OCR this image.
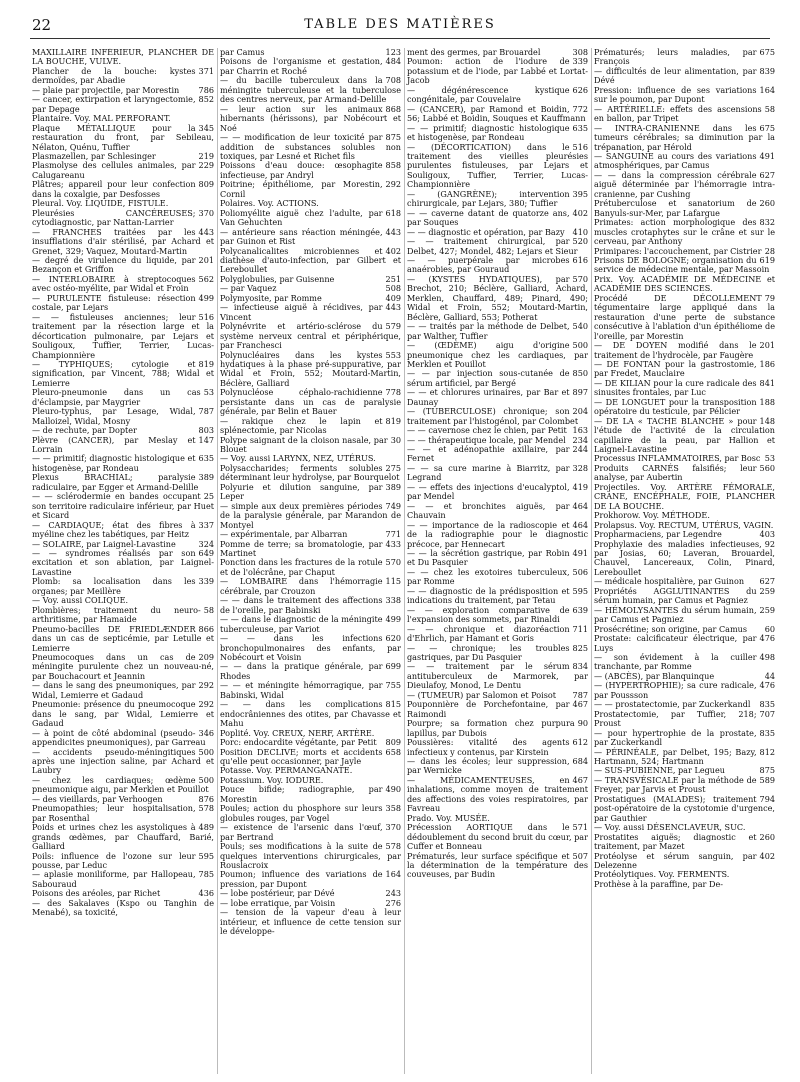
22	TABLE DES MATIÈRES

MAXILLAIRE INFÉRIEUR, PLANCHER DE LA BOUCHE, VULVE.

371
Plancher de la bouche: kystes dermoïdes, par Abadie

786
— plaie par projectile, par Morestin

852
— cancer, extirpation et laryngectomie, par Depage

Plantaire. Voy. MAL PERFORANT.

345
Plaque MÉTALLIQUE pour la restauration du front, par Sebileau, Nélaton, Quénu, Tuffier

219
Plasmazellen, par Schlesinger

229
Plasmolyse des cellules animales, par Calugareanu

809
Plâtres; appareil pour leur confection dans la coxalgie, par Desfosses

Pleural. Voy. LIQUIDE, FISTULE.

370
Pleurésies CANCÉREUSES; cytodiagnostic, par Nattan-Larrier

443
— FRANCHES traitées par les insufflations d'air stérilisé, par Achard et Grenet, 329; Vaquez, Moutard-Martin

201
— degré de virulence du liquide, par Bezançon et Griffon

562
— INTERLOBAIRE à streptocoques avec ostéo-myélite, par Widal et Froin

499
— PURULENTE fistuleuse: résection costale, par Lejars

516
— — fistuleuses anciennes; leur traitement par la résection large et la décortication pulmonaire, par Lejars et Souligoux, Tuffier, Terrier, Lucas-Championnière

819
— TYPHIQUES; cytologie et signification, par Vincent, 788; Widal et Lemierre

53
Pleuro-pneumonie dans un cas d'éclampsie, par Maygrier

787
Pleuro-typhus, par Lesage, Widal, Malloizel, Widal, Mosny

803
— de rechute, par Dopter

147
Plèvre (CANCER), par Meslay et Lorrain

635
— — primitif; diagnostic histologique et histogenèse, par Rondeau

389
Plexus BRACHIAL; paralysie radiculaire, par Egger et Armand-Delille

25
— — sclérodermie en bandes occupant son territoire radiculaire inférieur, par Huet et Sicard

337
— CARDIAQUE; état des fibres à myéline chez les tabétiques, par Heitz

324
— SOLAIRE, par Laignel-Lavastine

649
— — syndromes réalisés par son excitation et son ablation, par Laignel-Lavastine

339
Plomb: sa localisation dans les organes; par Meillère

— Voy. aussi COLIQUE.

58
Plombières; traitement du neuro-arthritisme, par Hamaide

866
Pneumo-bacilles DE FRIEDLÆNDER dans un cas de septicémie, par Letulle et Lemierre

209
Pneumocoques dans un cas de méningite purulente chez un nouveau-né, par Bouchacourt et Jeannin

292
— dans le sang des pneumoniques, par Widal, Lemierre et Gadaud

292
Pneumonie: présence du pneumocoque dans le sang, par Widal, Lemierre et Gadaud

346
— à point de côté abdominal (pseudo-appendicites pneumoniques), par Garreau

500
— accidents pseudo-méningitiques après une injection saline, par Achard et Laubry

500
— chez les cardiaques; œdème pneumonique aigu, par Merklen et Pouillot

876
— des vieillards, par Verhoogen

578
Pneumopathies; leur hospitalisation, par Rosenthal

489
Poids et urines chez les asystoliques à grands œdèmes, par Chauffard, Barié, Galliard

595
Poils: influence de l'ozone sur leur pousse, par Leduc

785
— aplasie moniliforme, par Hallopeau, Sabouraud

436
Poisons des aréoles, par Richet

— des Sakalaves (Kspo ou Tanghin de Menabé), sa toxicité,

123
par Camus

484
Poisons de l'organisme et gestation, par Charrin et Roché

708
— du bacille tuberculeux dans la méningite tuberculeuse et la tuberculose des centres nerveux, par Armand-Delille

868
— leur action sur les animaux hibernants (hérissons), par Nobécourt et Noé

875
— — modification de leur toxicité par addition de substances solubles non toxiques, par Lesné et Richet fils

858
Poissons d'eau douce: œsophagite infectieuse, par Andryl

292
Poitrine; épithéliome, par Morestin, Cornil

Polaires. Voy. ACTIONS.

618
Poliomyélite aiguë chez l'adulte, par Van Gehuchten

443
— antérieure sans réaction méningée, par Guinon et Rist

402
Polycanalicalites microbiennes et diathèse d'auto-infection, par Gilbert et Lereboullet

251
Polyglobulies, par Guisenne

508
— par Vaquez

409
Polymyosite, par Romme

443
— infectieuse aiguë à récidives, par Vincent

579
Polynévrite et artério-sclérose du système nerveux central et périphérique, par Franchesci

553
Polynucléaires dans les kystes hydatiques à la phase pré-suppurative, par Widal et Froin, 552; Moutard-Martin, Béclère, Galliard

778
Polynucléose céphalo-rachidienne persistante dans un cas de paralysie générale, par Belin et Bauer

819
— rakique chez le lapin et splénectomie, par Nicolas

30
Polype saignant de la cloison nasale, par Blouet

— Voy. aussi LARYNX, NEZ, UTÉRUS.

275
Polysaccharides; ferments solubles déterminant leur hydrolyse, par Bourquelot

389
Polyurie et dilution sanguine, par Leper

749
— simple aux deux premières périodes de la paralysie générale, par Marandon de Montyel

771
— expérimentale, par Albarran

433
Pomme de terre; sa bromatologie, par Martinet

570
Ponction dans les fractures de la rotule et de l'olécrâne, par Chaput

115
— LOMBAIRE dans l'hémorragie cérébrale, par Crouzon

338
— — dans le traitement des affections de l'oreille, par Babinski

499
— — dans le diagnostic de la méningite tuberculeuse, par Variot

620
— — dans les infections bronchopulmonaires des enfants, par Nobécourt et Voisin

699
— — dans la pratique générale, par Rhodes

755
— — et méningite hémorragique, par Babinski, Widal

815
— — dans les complications endocrâniennes des otites, par Chavasse et Mahu

Poplité. Voy. CREUX, NERF, ARTÈRE.

809
Porc: endocardite végétante, par Petit

658
Position DECLIVE; morts et accidents qu'elle peut occasionner, par Jayle

Potasse. Voy. PERMANGANATE.

Potassium. Voy. IODURE.

490
Pouce bifide; radiographie, par Morestin

358
Poules; action du phosphore sur leurs globules rouges, par Vogel

370
— existence de l'arsenic dans l'œuf, par Bertrand

578
Pouls; ses modifications à la suite de quelques interventions chirurgicales, par Rouslacroix

164
Poumon; influence des variations de pression, par Dupont

243
— lobe postérieur, par Dévé

276
— lobe erratique, par Voisin

— tension de la vapeur d'eau à leur intérieur, et influence de cette tension sur le développe-

308
ment des germes, par Brouardel

339
Poumon: action de l'iodure de potassium et de l'iode, par Labbé et Lortat-Jacob

626
— dégénérescence kystique congénitale, par Couvelaire

772
— (CANCER), par Ramond et Boidin, 56; Labbé et Boidin, Souques et Kauffmann

635
— — primitif; diagnostic histologique et histogenèse, par Rondeau

516
— (DÉCORTICATION) dans le traitement des vieilles pleurésies purulentes fistuleuses, par Lejars et Souligoux, Tuffier, Terrier, Lucas-Championnière

395
— (GANGRÈNE); intervention chirurgicale, par Lejars, 380; Tuffier

402
— — caverne datant de quatorze ans, par Souques

410
— — diagnostic et opération, par Bazy

520
— — traitement chirurgical, par Delbet, 427; Mondel, 482; Lejars et Sieur

616
— — puerpérale par microbes anaérobies, par Gouraud

570
— (KYSTES HYDATIQUES), par Brechot, 210; Béclère, Galliard, Achard, Merklen, Chauffard, 489; Pinard, 490; Widal et Froin, 552; Moutard-Martin, Béclère, Galliard, 553; Potherat

540
— — traités par la méthode de Delbet, par Walther, Tuffier

500
— (ŒDÈME) aigu d'origine pneumonique chez les cardiaques, par Merklen et Pouillot

850
— — par injection sous-cutanée de sérum artificiel, par Bergé

897
— — et chlorures urinaires, par Bar et Daunay

204
— (TUBERCULOSE) chronique; son traitement par l'histogénol, par Colombet

163
— — cavernose chez le chien, par Petit

234
— — thérapeutique locale, par Mendel

244
— — et adénopathie axillaire, par Fernet

328
— — sa cure marine à Biarritz, par Legrand

419
— — effets des injections d'eucalyptol, par Mendel

464
— — et bronchites aiguës, par Chauvain

464
— — importance de la radioscopie et de la radiographie pour le diagnostic précoce, par Hennecart

491
— — la sécrétion gastrique, par Robin et Du Pasquier

506
— — chez les exotoires tuberculeux, par Romme

595
— — diagnostic de la prédisposition et indications du traitement, par Tetau

639
— — exploration comparative de l'expansion des sommets, par Rinaldi

711
— — chronique et diazoréaction d'Ehrlich, par Hamant et Goris

825
— — chronique; les troubles gastriques, par Du Pasquier

834
— — traitement par le sérum antituberculeux de Marmorek, par Dieulafoy, Monod, Le Dentu

787
— (TUMEUR) par Salomon et Poisot

467
Pouponnière de Porchefontaine, par Raimondi

90
Pourpre; sa formation chez purpura lapillus, par Dubois

612
Poussières: vitalité des agents infectieux y contenus, par Kirstein

684
— dans les écoles; leur suppression, par Wernicke

467
— MÉDICAMENTEUSES, en inhalations, comme moyen de traitement des affections des voies respiratoires, par Favreau

Prado. Voy. MUSÉE.

571
Précession AORTIQUE dans le dédoublement du second bruit du cœur, par Cuffer et Bonneau

507
Prématurés, leur surface spécifique et la détermination de la température des couveuses, par Budin

675
Prématurés; leurs maladies, par François

839
— difficultés de leur alimentation, par Dévé

164
Pression: influence de ses variations sur le poumon, par Dupont

58
— ARTÉRIELLE: effets des ascensions en ballon, par Tripet

675
— INTRA-CRANIENNE dans les tumeurs cérébrales; sa diminution par la trépanation, par Hérold

491
— SANGUINE au cours des variations atmosphériques, par Camus

627
— — dans la compression cérébrale aiguë déterminée par l'hémorragie intra-cranienne, par Cushing

260
Prétuberculose et sanatorium de Banyuls-sur-Mer, par Lafargue

832
Primates: action morphologique des muscles crotaphytes sur le crâne et sur le cerveau, par Anthony

28
Primipares: l'accouchement, par Cistrier

619
Prisons DE BOLOGNE; organisation du service de médecine mentale, par Massoin

Prix. Voy. ACADÉMIE DE MÉDECINE et ACADÉMIE DES SCIENCES.

79
Procédé DE DÉCOLLEMENT tégumentaire large appliqué dans la restauration d'une perte de substance consécutive à l'ablation d'un épithéliome de l'oreille, par Morestin

201
— DE DOYEN modifié dans le traitement de l'hydrocèle, par Faugère

186
— DE FONTAN pour la gastrostomie, par Fredet, Mauclaire

841
— DE KILIAN pour la cure radicale des sinusites frontales, par Luc

188
— DE LONGUET pour la transposition opératoire du testicule, par Pélicier

148
— DE LA « TACHE BLANCHE » pour l'étude de l'activité de la circulation capillaire de la peau, par Hallion et Laignel-Lavastine

53
Processus INFLAMMATOIRES, par Bosc

560
Produits CARNÉS falsifiés; leur analyse, par Aubertin

Projectiles. Voy. ARTÈRE FÉMORALE, CRANE, ENCÉPHALE, FOIE, PLANCHER DE LA BOUCHE.

Prokhorow. Voy. MÉTHODE.

Prolapsus. Voy. RECTUM, UTÉRUS, VAGIN.

403
Propharmaciens, par Legendre

92
Prophylaxie des maladies infectieuses, par Josias, 60; Laveran, Brouardel, Chauvel, Lancereaux, Colin, Pinard, Lereboullet

627
— médicale hospitalière, par Guinon

259
Propriétés AGGLUTINANTES du sérum humain, par Camus et Pagniez

259
— HÉMOLYSANTES du sérum humain, par Camus et Pagniez

60
Prosécrétine; son origine, par Camus

476
Prostate: calcificateur électrique, par Luys

498
— son évidement à la cuiller tranchante, par Romme

44
— (ABCÈS), par Blanquinque

476
— (HYPERTROPHIE); sa cure radicale, par Poussson

835
— — prostatectomie, par Zuckerkandl

707
Prostatectomie, par Tuffier, 218; Proust

835
— pour hypertrophie de la prostate, par Zuckerkandl

812
— PÉRINÉALE, par Delbet, 195; Bazy, Hartmann, 524; Hartmann

875
— SUS-PUBIENNE, par Legueu

589
— TRANSVÉSICALE par la méthode de Freyer, par Jarvis et Proust

794
Prostatiques (MALADES); traitement post-opératoire de la cystotomie d'urgence, par Gauthier

— Voy. aussi DÉSENCLAVEUR, SUC.

260
Prostatites aiguës; diagnostic et traitement, par Mazet

402
Protéolyse et sérum sanguin, par Delezenne

Protéolytiques. Voy. FERMENTS.

Prothèse à la paraffine, par De-
